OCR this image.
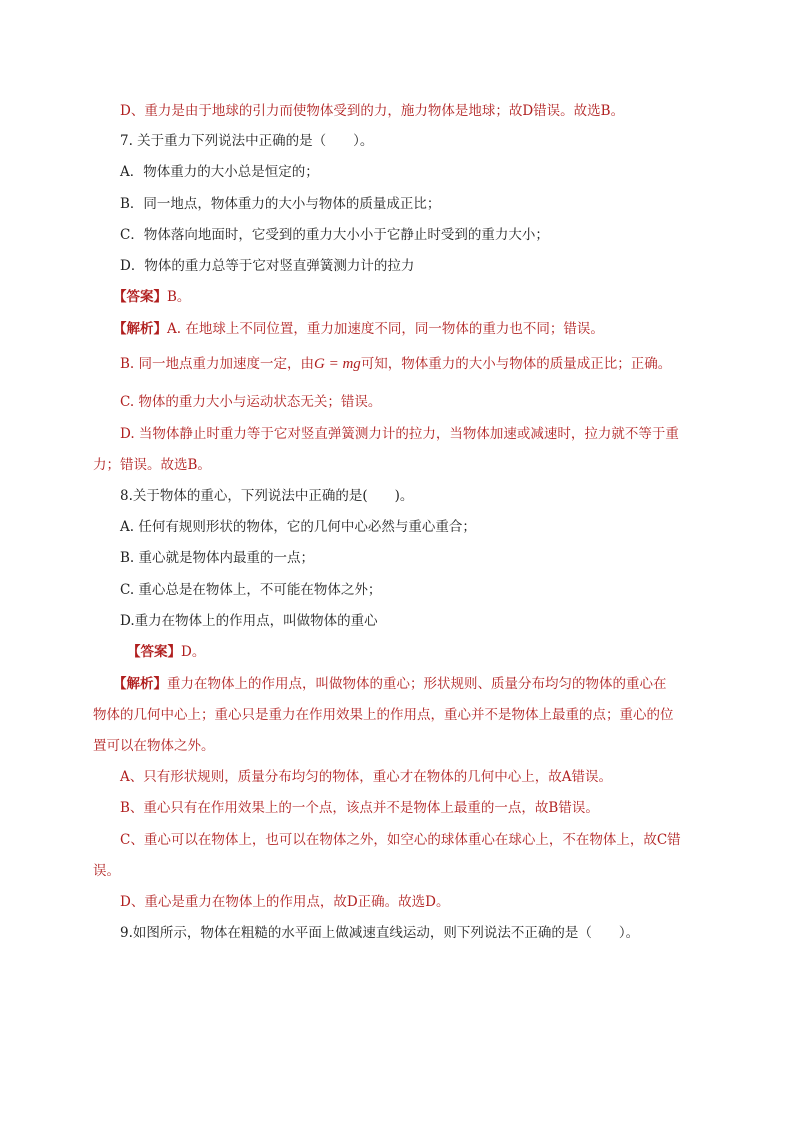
D、重力是由于地球的引力而使物体受到的力，施力物体是地球；故D错误。故选B。
7. 关于重力下列说法中正确的是（　　）。
A．物体重力的大小总是恒定的；
B．同一地点，物体重力的大小与物体的质量成正比；
C．物体落向地面时，它受到的重力大小小于它静止时受到的重力大小；
D．物体的重力总等于它对竖直弹簧测力计的拉力
【答案】B。
【解析】A. 在地球上不同位置，重力加速度不同，同一物体的重力也不同；错误。
B. 同一地点重力加速度一定，由G = mg可知，物体重力的大小与物体的质量成正比；正确。
C. 物体的重力大小与运动状态无关；错误。
D. 当物体静止时重力等于它对竖直弹簧测力计的拉力，当物体加速或减速时，拉力就不等于重
力；错误。故选B。
8.关于物体的重心，下列说法中正确的是(　　)。
A. 任何有规则形状的物体，它的几何中心必然与重心重合；
B. 重心就是物体内最重的一点；
C. 重心总是在物体上，不可能在物体之外；
D.重力在物体上的作用点，叫做物体的重心
【答案】D。
【解析】重力在物体上的作用点，叫做物体的重心；形状规则、质量分布均匀的物体的重心在
物体的几何中心上；重心只是重力在作用效果上的作用点，重心并不是物体上最重的点；重心的位
置可以在物体之外。
A、只有形状规则，质量分布均匀的物体，重心才在物体的几何中心上，故A错误。
B、重心只有在作用效果上的一个点，该点并不是物体上最重的一点，故B错误。
C、重心可以在物体上，也可以在物体之外，如空心的球体重心在球心上，不在物体上，故C错
误。
D、重心是重力在物体上的作用点，故D正确。故选D。
9.如图所示，物体在粗糙的水平面上做减速直线运动，则下列说法不正确的是（　　）。
